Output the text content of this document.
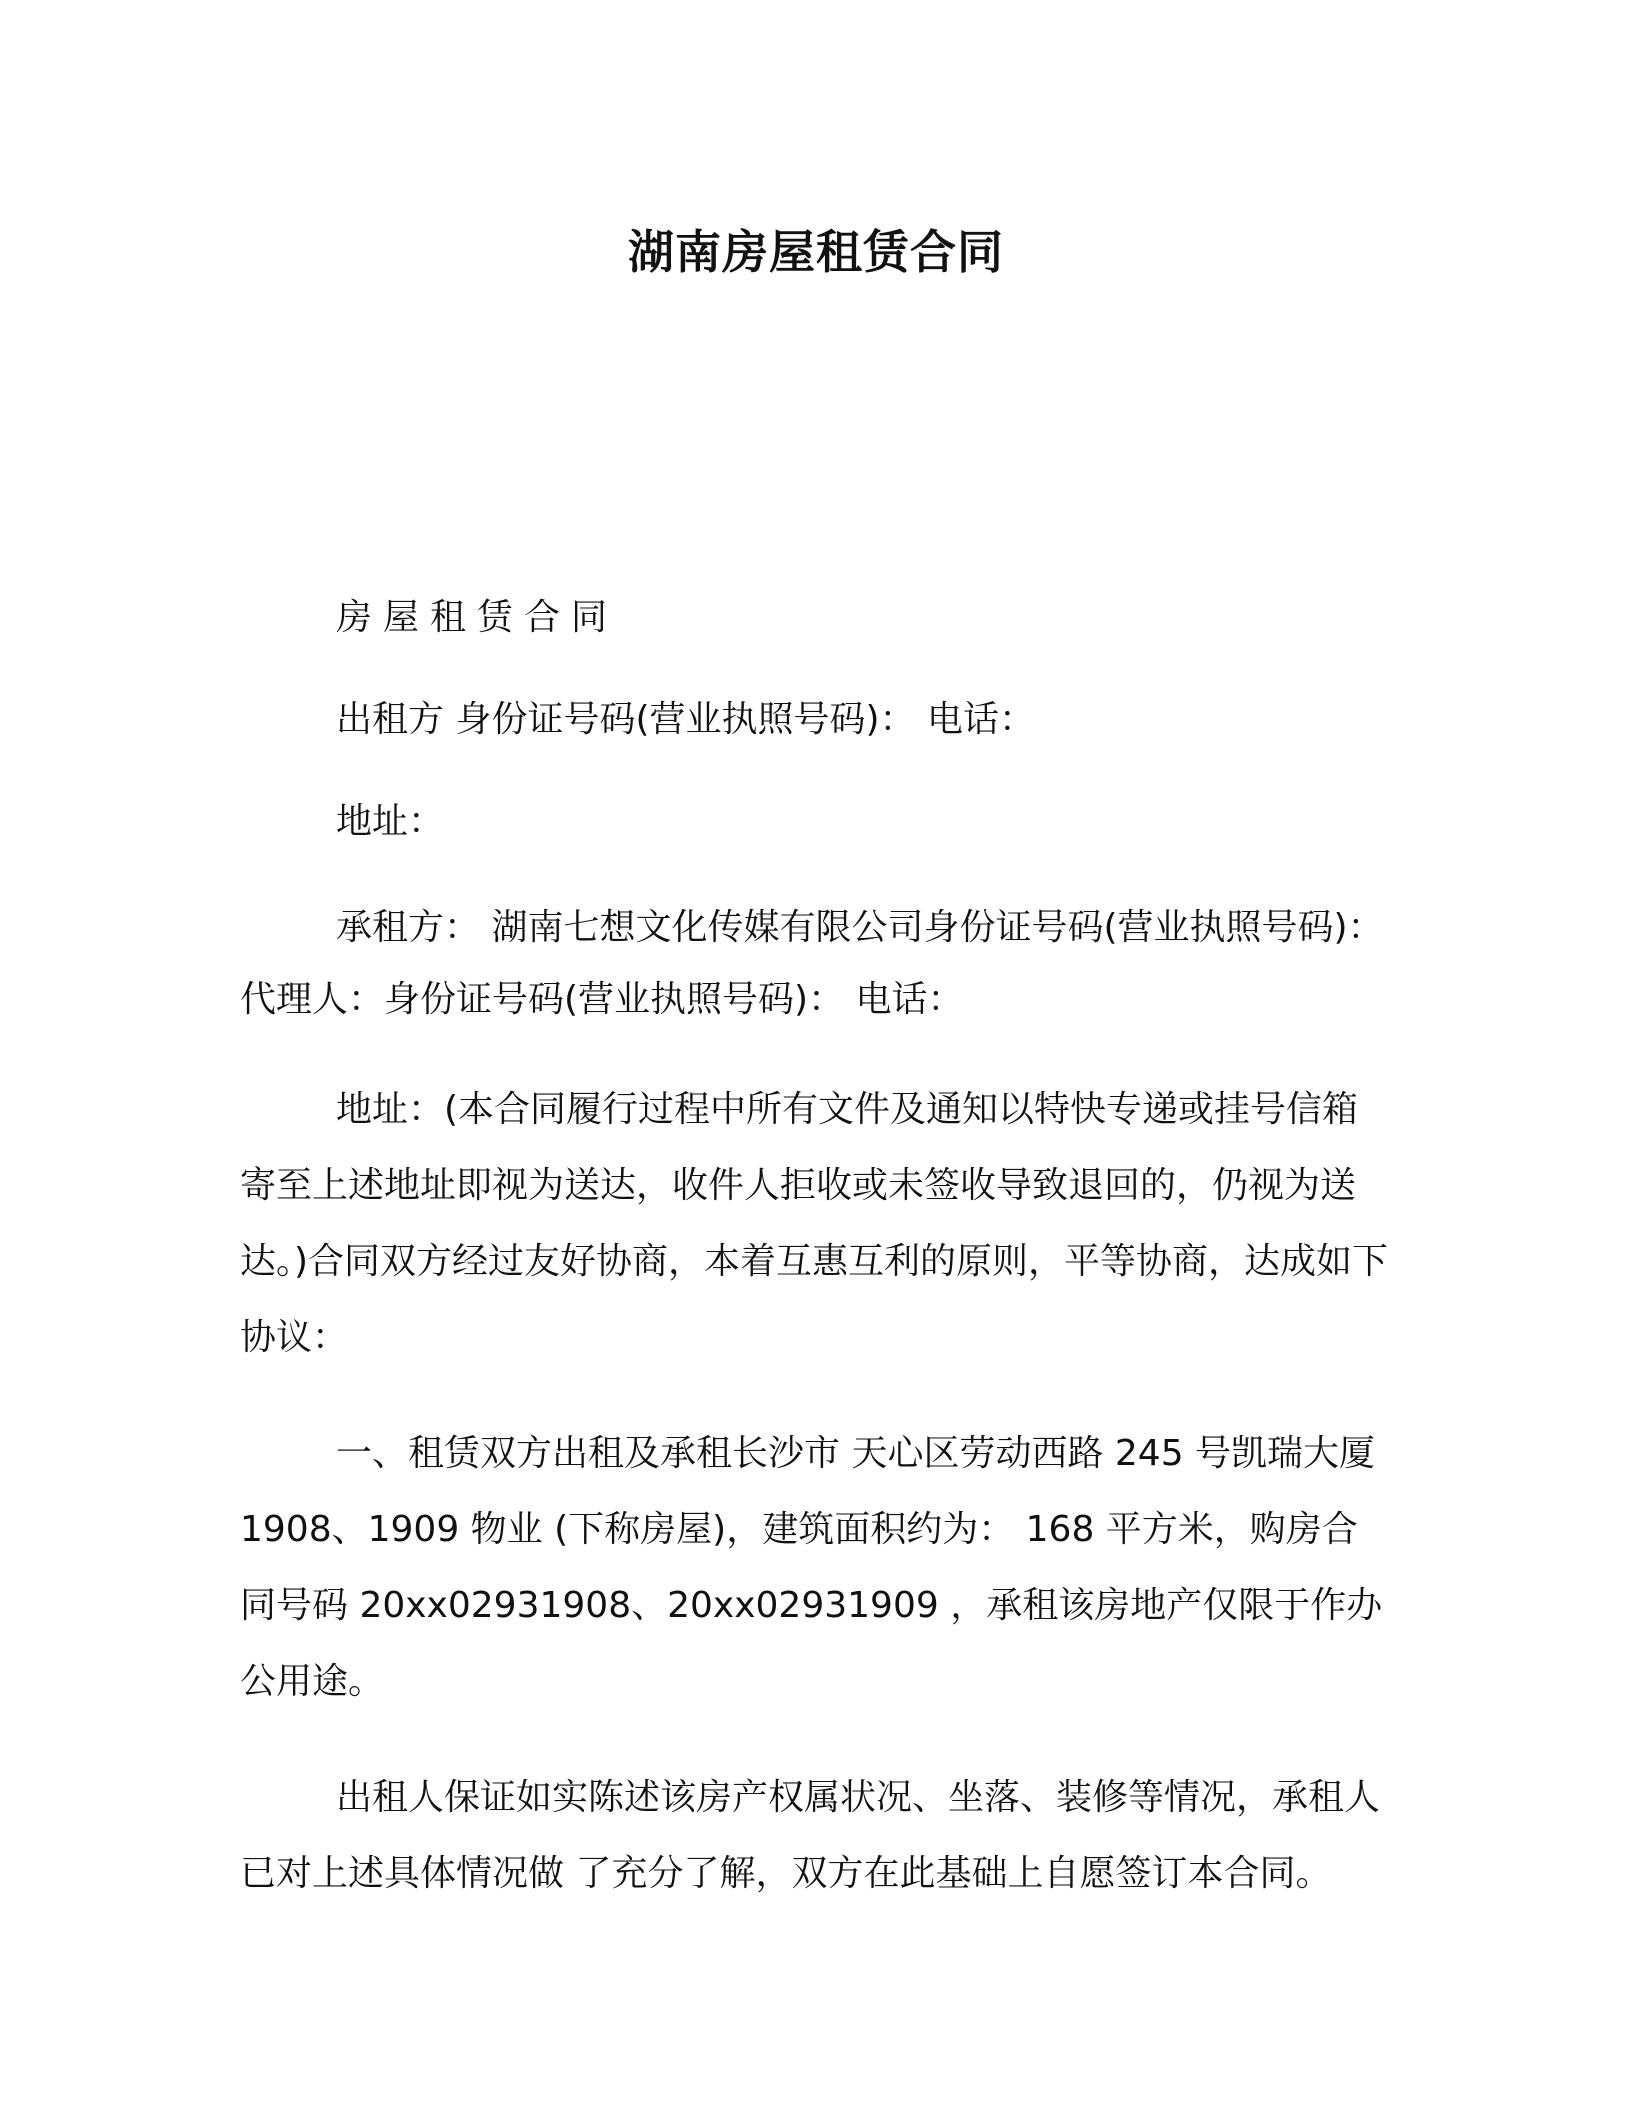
湖南房屋租赁合同
房屋租赁合同
出租方 身份证号码(营业执照号码)： 电话：
地址：
承租方： 湖南七想文化传媒有限公司身份证号码(营业执照号码)：
代理人：身份证号码(营业执照号码)： 电话：

地址：(本合同履行过程中所有文件及通知以特快专递或挂号信箱寄至上述地址即视为送达，收件人拒收或未签收导致退回的，仍视为送达。)合同双方经过友好协商，本着互惠互利的原则，平等协商，达成如下协议：

一、租赁双方出租及承租长沙市 天心区劳动西路 245 号凯瑞大厦 1908、1909 物业 (下称房屋)，建筑面积约为： 168 平方米，购房合同号码 20xx02931908、20xx02931909 ，承租该房地产仅限于作办公用途。

出租人保证如实陈述该房产权属状况、坐落、装修等情况，承租人已对上述具体情况做 了充分了解，双方在此基础上自愿签订本合同。
